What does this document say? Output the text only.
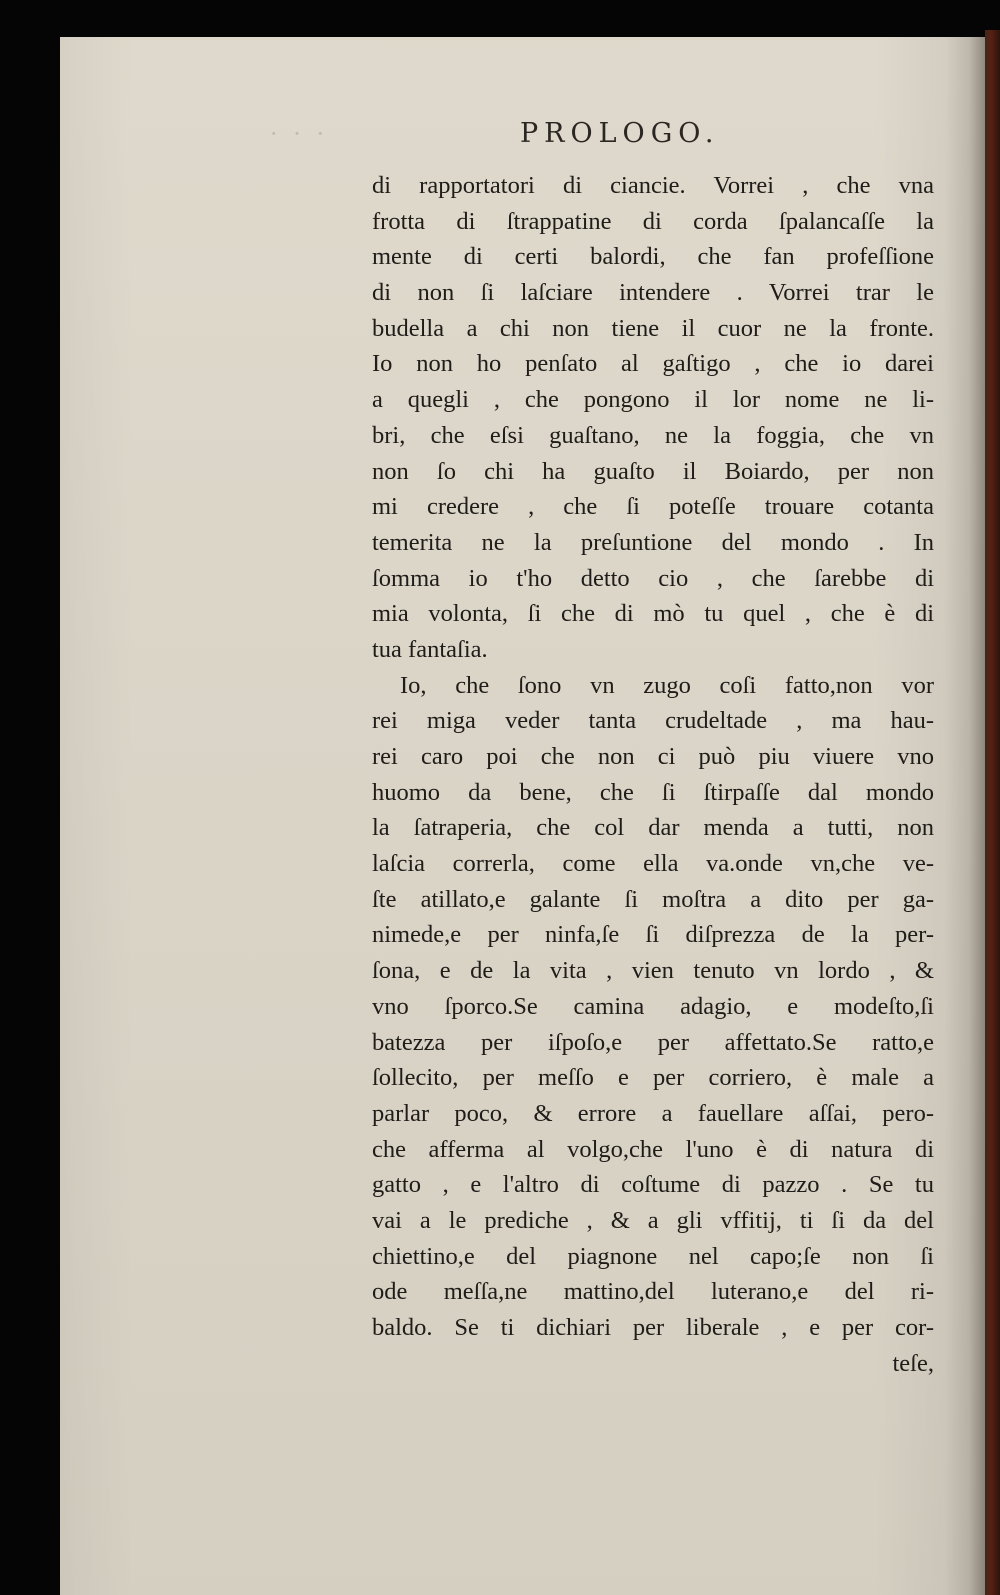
· · ·	PROLOGO.
di rapportatori di ciancie. Vorrei , che vna
frotta di ſtrappatine di corda ſpalancaſſe la
mente di certi balordi, che fan profeſſione
di non ſi laſciare intendere . Vorrei trar le
budella a chi non tiene il cuor ne la fronte.
Io non ho penſato al gaſtigo , che io darei
a quegli , che pongono il lor nome ne li-
bri, che eſsi guaſtano, ne la foggia, che vn
non ſo chi ha guaſto il Boiardo, per non
mi credere , che ſi poteſſe trouare cotanta
temerita ne la preſuntione del mondo . In
ſomma io t'ho detto cio , che ſarebbe di
mia volonta, ſi che di mò tu quel , che è di
tua fantaſia.
Io, che ſono vn zugo coſi fatto,non vor
rei miga veder tanta crudeltade , ma hau-
rei caro poi che non ci può piu viuere vno
huomo da bene, che ſi ſtirpaſſe dal mondo
la ſatraperia, che col dar menda a tutti, non
laſcia correrla, come ella va.onde vn,che ve-
ſte atillato,e galante ſi moſtra a dito per ga-
nimede,e per ninfa,ſe ſi diſprezza de la per-
ſona, e de la vita , vien tenuto vn lordo , &
vno ſporco.Se camina adagio, e modeſto,ſi
batezza per iſpoſo,e per affettato.Se ratto,e
ſollecito, per meſſo e per corriero, è male a
parlar poco, & errore a fauellare aſſai, pero-
che afferma al volgo,che l'uno è di natura di
gatto , e l'altro di coſtume di pazzo . Se tu
vai a le prediche , & a gli vffitij, ti ſi da del
chiettino,e del piagnone nel capo;ſe non ſi
ode meſſa,ne mattino,del luterano,e del ri-
baldo. Se ti dichiari per liberale , e per cor-
teſe,
